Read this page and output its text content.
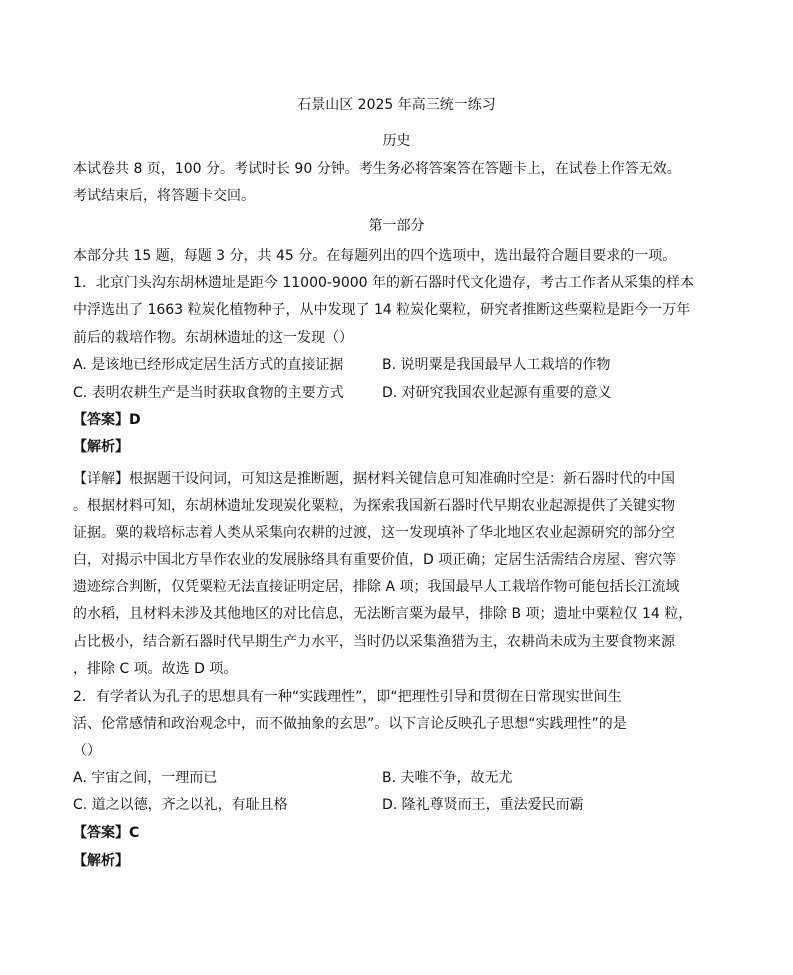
石景山区 2025 年高三统一练习
历史
本试卷共 8 页，100 分。考试时长 90 分钟。考生务必将答案答在答题卡上，在试卷上作答无效。
考试结束后，将答题卡交回。
第一部分
本部分共 15 题，每题 3 分，共 45 分。在每题列出的四个选项中，选出最符合题目要求的一项。
1．北京门头沟东胡林遗址是距今 11000-9000 年的新石器时代文化遗存，考古工作者从采集的样本
中浮选出了 1663 粒炭化植物种子，从中发现了 14 粒炭化粟粒，研究者推断这些粟粒是距今一万年
前后的栽培作物。东胡林遗址的这一发现（）
A. 是该地已经形成定居生活方式的直接证据	B. 说明粟是我国最早人工栽培的作物
C. 表明农耕生产是当时获取食物的主要方式	D. 对研究我国农业起源有重要的意义
【答案】D
【解析】
【详解】根据题干设问词，可知这是推断题，据材料关键信息可知准确时空是：新石器时代的中国
。根据材料可知，东胡林遗址发现炭化粟粒，为探索我国新石器时代早期农业起源提供了关键实物
证据。粟的栽培标志着人类从采集向农耕的过渡，这一发现填补了华北地区农业起源研究的部分空
白，对揭示中国北方旱作农业的发展脉络具有重要价值，D 项正确；定居生活需结合房屋、窖穴等
遗迹综合判断，仅凭粟粒无法直接证明定居，排除 A 项；我国最早人工栽培作物可能包括长江流域
的水稻，且材料未涉及其他地区的对比信息，无法断言粟为最早，排除 B 项；遗址中粟粒仅 14 粒，
占比极小，结合新石器时代早期生产力水平，当时仍以采集渔猎为主，农耕尚未成为主要食物来源
，排除 C 项。故选 D 项。
2．有学者认为孔子的思想具有一种“实践理性”，即“把理性引导和贯彻在日常现实世间生
活、伦常感情和政治观念中，而不做抽象的玄思”。以下言论反映孔子思想“实践理性”的是
（）
A. 宇宙之间，一理而已	B. 夫唯不争，故无尤
C. 道之以德，齐之以礼，有耻且格	D. 隆礼尊贤而王，重法爱民而霸
【答案】C
【解析】
